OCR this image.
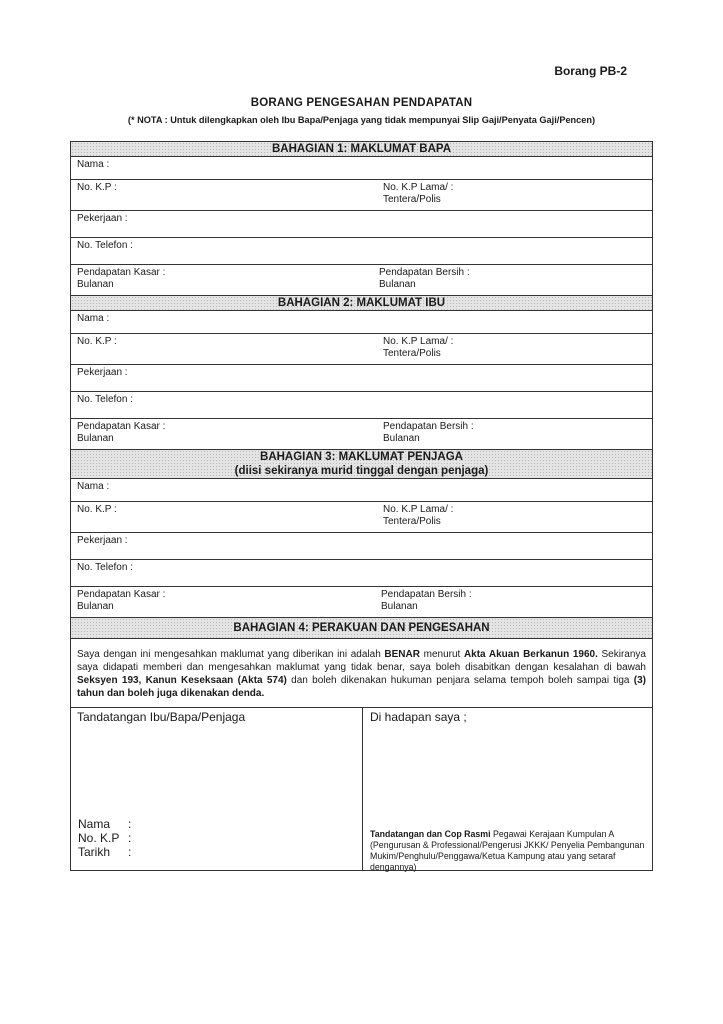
Borang PB-2
BORANG PENGESAHAN PENDAPATAN
(* NOTA : Untuk dilengkapkan oleh Ibu Bapa/Penjaga yang tidak mempunyai Slip Gaji/Penyata Gaji/Pencen)
BAHAGIAN 1: MAKLUMAT BAPA
Nama :
No. K.P :	No. K.P Lama/ :
Tentera/Polis
Pekerjaan :
No. Telefon :
Pendapatan Kasar :
Bulanan
Pendapatan Bersih :
Bulanan
BAHAGIAN 2: MAKLUMAT IBU
Nama :
No. K.P :	No. K.P Lama/ :
Tentera/Polis
Pekerjaan :
No. Telefon :
Pendapatan Kasar :
Bulanan
Pendapatan Bersih :
Bulanan
BAHAGIAN 3: MAKLUMAT PENJAGA
(diisi sekiranya murid tinggal dengan penjaga)
Nama :
No. K.P :	No. K.P Lama/ :
Tentera/Polis
Pekerjaan :
No. Telefon :
Pendapatan Kasar :
Bulanan
Pendapatan Bersih :
Bulanan
BAHAGIAN 4: PERAKUAN DAN PENGESAHAN
Saya dengan ini mengesahkan maklumat yang diberikan ini adalah BENAR menurut Akta Akuan Berkanun 1960. Sekiranya saya didapati memberi dan mengesahkan maklumat yang tidak benar, saya boleh disabitkan dengan kesalahan di bawah Seksyen 193, Kanun Keseksaan (Akta 574) dan boleh dikenakan hukuman penjara selama tempoh boleh sampai tiga (3) tahun dan boleh juga dikenakan denda.
Tandatangan Ibu/Bapa/Penjaga
Nama	:
No. K.P :
Tarikh	:
Di hadapan saya ;
Tandatangan dan Cop Rasmi Pegawai Kerajaan Kumpulan A (Pengurusan & Professional/Pengerusi JKKK/ Penyelia Pembangunan Mukim/Penghulu/Penggawa/Ketua Kampung atau yang setaraf dengannya)
